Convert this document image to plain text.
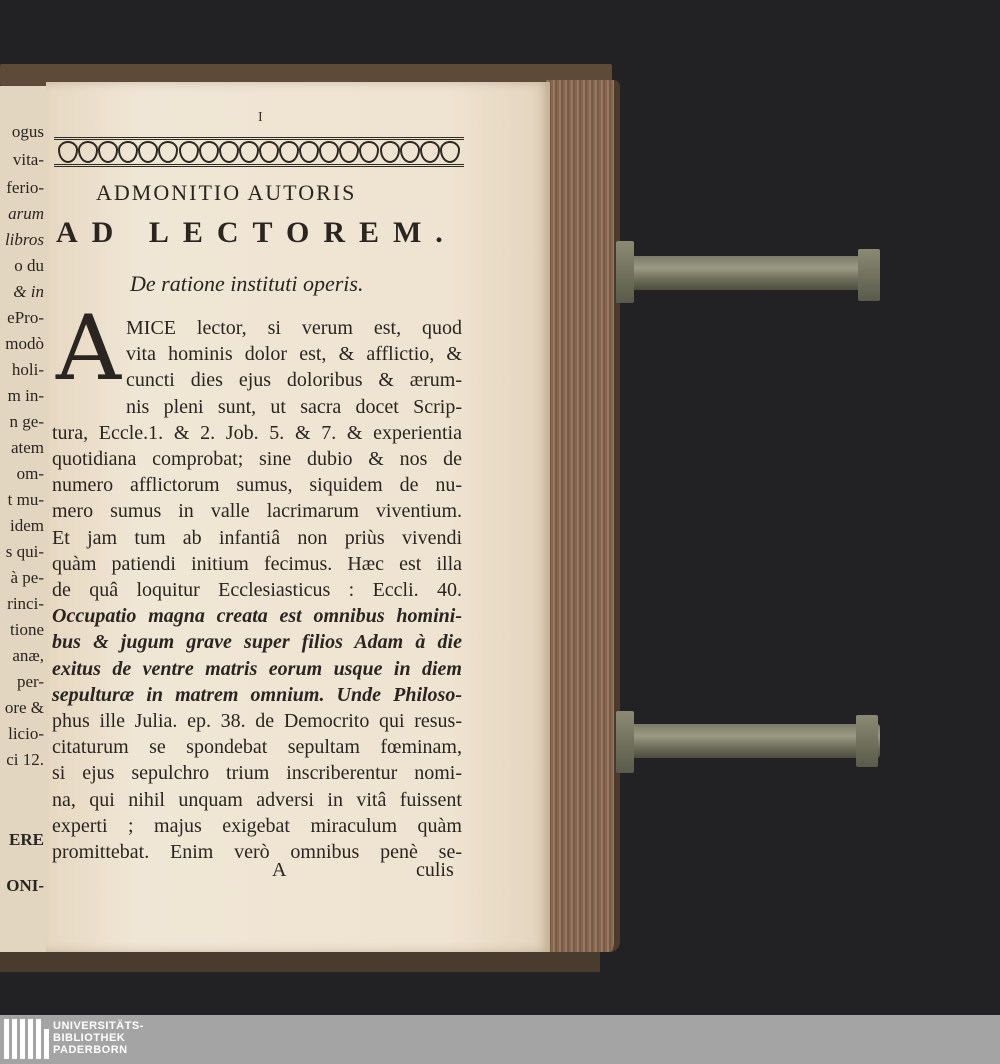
ogus
vita-
ferio-
arum
libros
o du
& in
ePro-
modò
holi-
m in-
n ge-
atem
om-
t mu-
idem
s qui-
à pe-
rinci-
tione
anæ,
per-
ore &
licio-
ci 12.
ERE
ONI-
I
ADMONITIO AUTORIS
AD LECTOREM.
De ratione instituti operis.
A MICE lector, si verum est, quod
vita hominis dolor est, & afflictio, &
cuncti dies ejus doloribus & ærum-
nis pleni sunt, ut sacra docet Scrip-
tura, Eccle.1. & 2. Job. 5. & 7. & experientia
quotidiana comprobat; sine dubio & nos de
numero afflictorum sumus, siquidem de nu-
mero sumus in valle lacrimarum viventium.
Et jam tum ab infantiâ non priùs vivendi
quàm patiendi initium fecimus. Hæc est illa
de quâ loquitur Ecclesiasticus : Eccli. 40.
Occupatio magna creata est omnibus homini-
bus & jugum grave super filios Adam à die
exitus de ventre matris eorum usque in diem
sepulturæ in matrem omnium. Unde Philoso-
phus ille Julia. ep. 38. de Democrito qui resus-
citaturum se spondebat sepultam fœminam,
si ejus sepulchro trium inscriberentur nomi-
na, qui nihil unquam adversi in vitâ fuissent
experti ; majus exigebat miraculum quàm
promittebat. Enim verò omnibus penè se-
A	culis
UNIVERSITÄTS-
BIBLIOTHEK
PADERBORN
